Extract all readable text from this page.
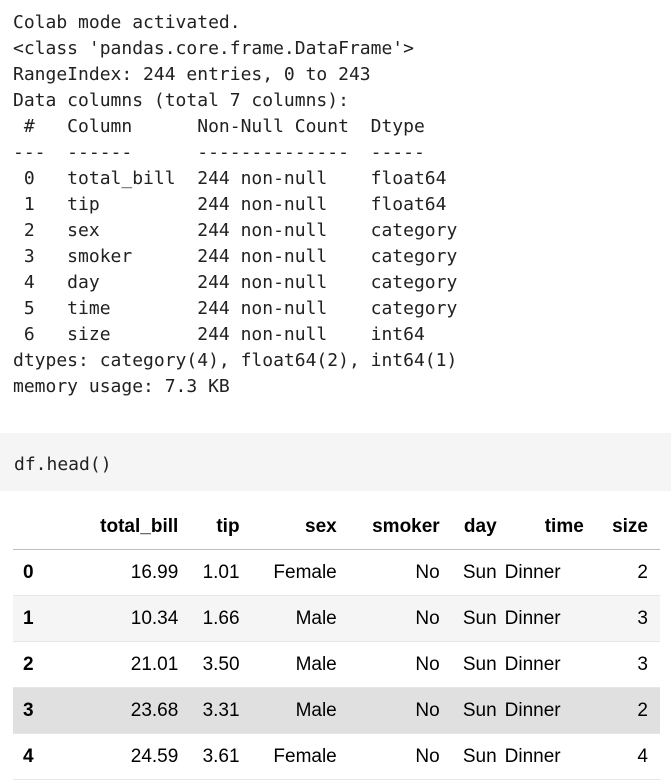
Colab mode activated.
<class 'pandas.core.frame.DataFrame'>
RangeIndex: 244 entries, 0 to 243
Data columns (total 7 columns):
#   Column      Non-Null Count  Dtype
---  ------      --------------  -----
0   total_bill  244 non-null    float64
1   tip         244 non-null    float64
2   sex         244 non-null    category
3   smoker      244 non-null    category
4   day         244 non-null    category
5   time        244 non-null    category
6   size        244 non-null    int64
dtypes: category(4), float64(2), int64(1)
memory usage: 7.3 KB
df.head()
	total_bill	tip	sex	smoker	day	time	size
0	16.99	1.01	Female	No	Sun	Dinner	2
1	10.34	1.66	Male	No	Sun	Dinner	3
2	21.01	3.50	Male	No	Sun	Dinner	3
3	23.68	3.31	Male	No	Sun	Dinner	2
4	24.59	3.61	Female	No	Sun	Dinner	4
